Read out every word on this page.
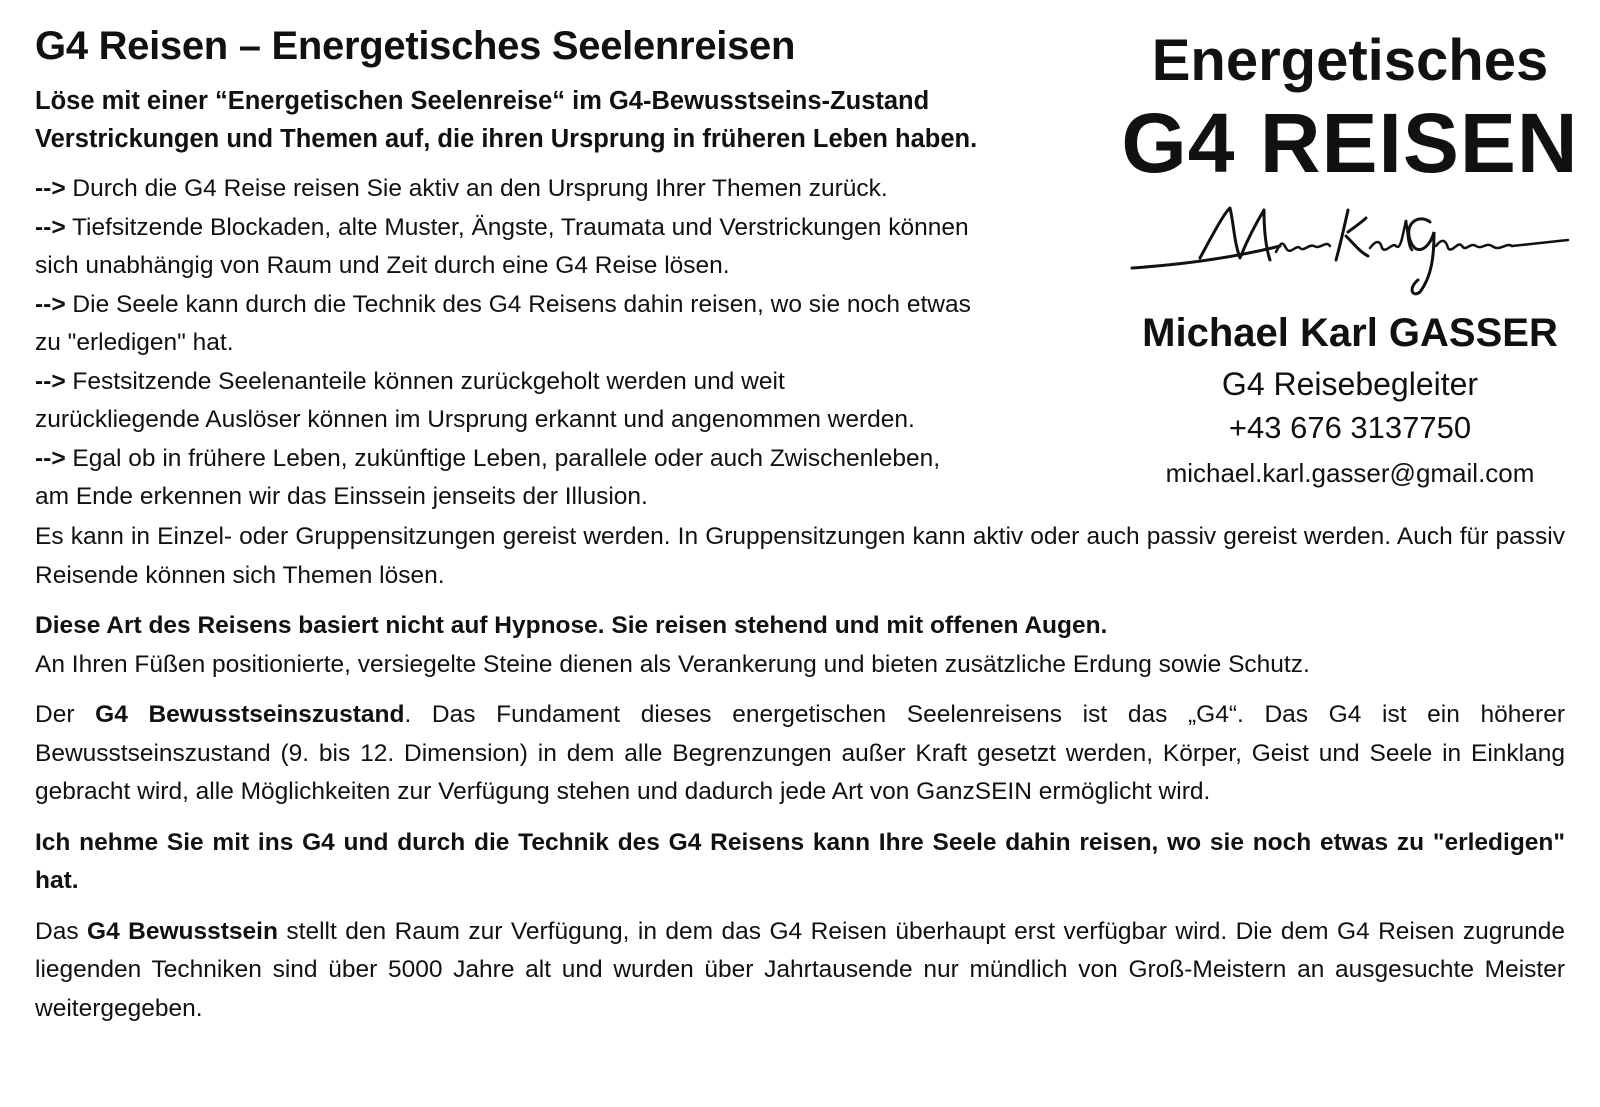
G4 Reisen – Energetisches Seelenreisen
Löse mit einer “Energetischen Seelenreise“ im G4-Bewusstseins-Zustand
Verstrickungen und Themen auf, die ihren Ursprung in früheren Leben haben.
--> Durch die G4 Reise reisen Sie aktiv an den Ursprung Ihrer Themen zurück.
--> Tiefsitzende Blockaden, alte Muster, Ängste, Traumata und Verstrickungen können
sich unabhängig von Raum und Zeit durch eine G4 Reise lösen.
--> Die Seele kann durch die Technik des G4 Reisens dahin reisen, wo sie noch etwas
zu "erledigen" hat.
--> Festsitzende Seelenanteile können zurückgeholt werden und weit
zurückliegende Auslöser können im Ursprung erkannt und angenommen werden.
--> Egal ob in frühere Leben, zukünftige Leben, parallele oder auch Zwischenleben,
am Ende erkennen wir das Einssein jenseits der Illusion.
Energetisches
G4 REISEN
Michael Karl GASSER
G4 Reisebegleiter
+43 676 3137750
michael.karl.gasser@gmail.com

Es kann in Einzel- oder Gruppensitzungen gereist werden. In Gruppensitzungen kann aktiv oder auch passiv gereist werden. Auch für passiv Reisende können sich Themen lösen.

Diese Art des Reisens basiert nicht auf Hypnose. Sie reisen stehend und mit offenen Augen.

An Ihren Füßen positionierte, versiegelte Steine dienen als Verankerung und bieten zusätzliche Erdung sowie Schutz.

Der G4 Bewusstseinszustand. Das Fundament dieses energetischen Seelenreisens ist das „G4“. Das G4 ist ein höherer Bewusstseinszustand (9. bis 12. Dimension) in dem alle Begrenzungen außer Kraft gesetzt werden, Körper, Geist und Seele in Einklang gebracht wird, alle Möglichkeiten zur Verfügung stehen und dadurch jede Art von GanzSEIN ermöglicht wird.

Ich nehme Sie mit ins G4 und durch die Technik des G4 Reisens kann Ihre Seele dahin reisen, wo sie noch etwas zu "erledigen" hat.

Das G4 Bewusstsein stellt den Raum zur Verfügung, in dem das G4 Reisen überhaupt erst verfügbar wird. Die dem G4 Reisen zugrunde liegenden Techniken sind über 5000 Jahre alt und wurden über Jahrtausende nur mündlich von Groß-Meistern an ausgesuchte Meister weitergegeben.
